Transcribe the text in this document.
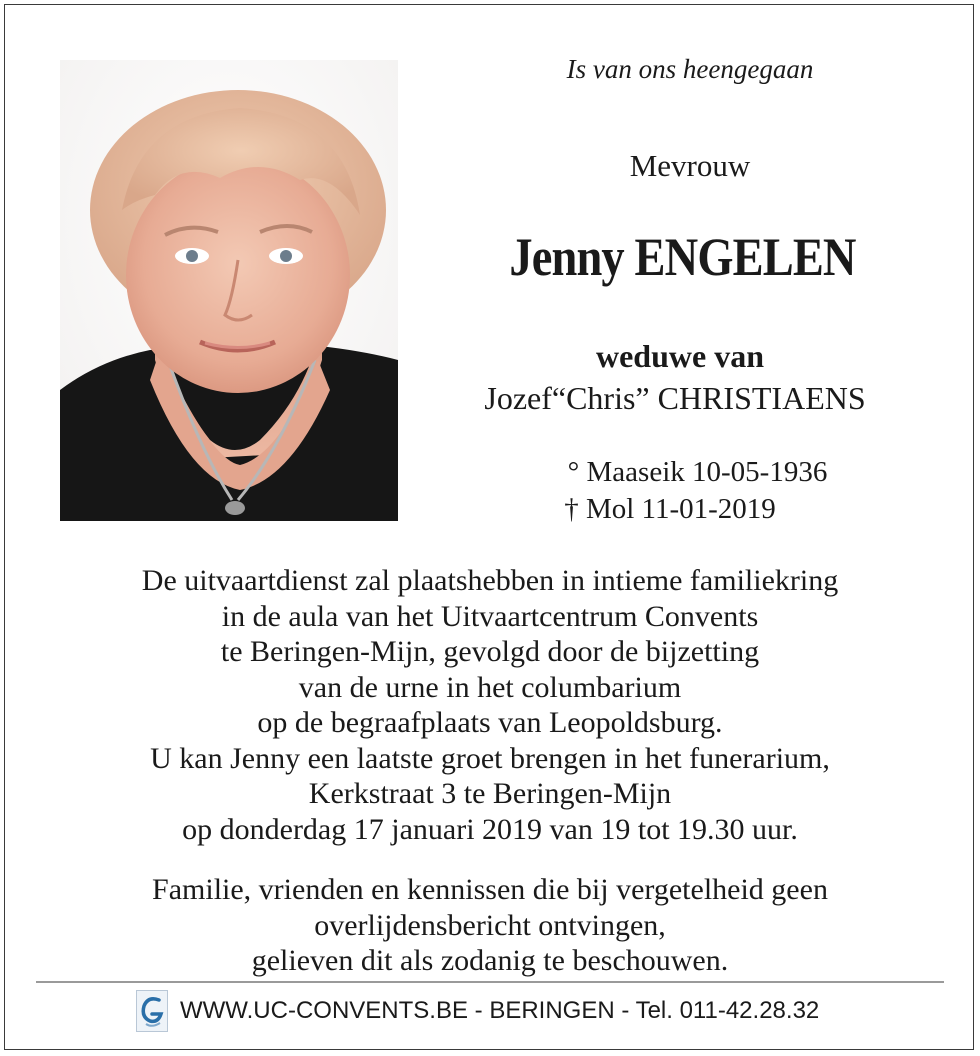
Is van ons heengegaan
Mevrouw
Jenny ENGELEN
weduwe van
Jozef“Chris” CHRISTIAENS
° Maaseik 10-05-1936
† Mol 11-01-2019
De uitvaartdienst zal plaatshebben in intieme familiekring
in de aula van het Uitvaartcentrum Convents
te Beringen-Mijn, gevolgd door de bijzetting
van de urne in het columbarium
op de begraafplaats van Leopoldsburg.
U kan Jenny een laatste groet brengen in het funerarium,
Kerkstraat 3 te Beringen-Mijn
op donderdag 17 januari 2019 van 19 tot 19.30 uur.
Familie, vrienden en kennissen die bij vergetelheid geen
overlijdensbericht ontvingen,
gelieven dit als zodanig te beschouwen.
WWW.UC-CONVENTS.BE - BERINGEN - Tel. 011-42.28.32
